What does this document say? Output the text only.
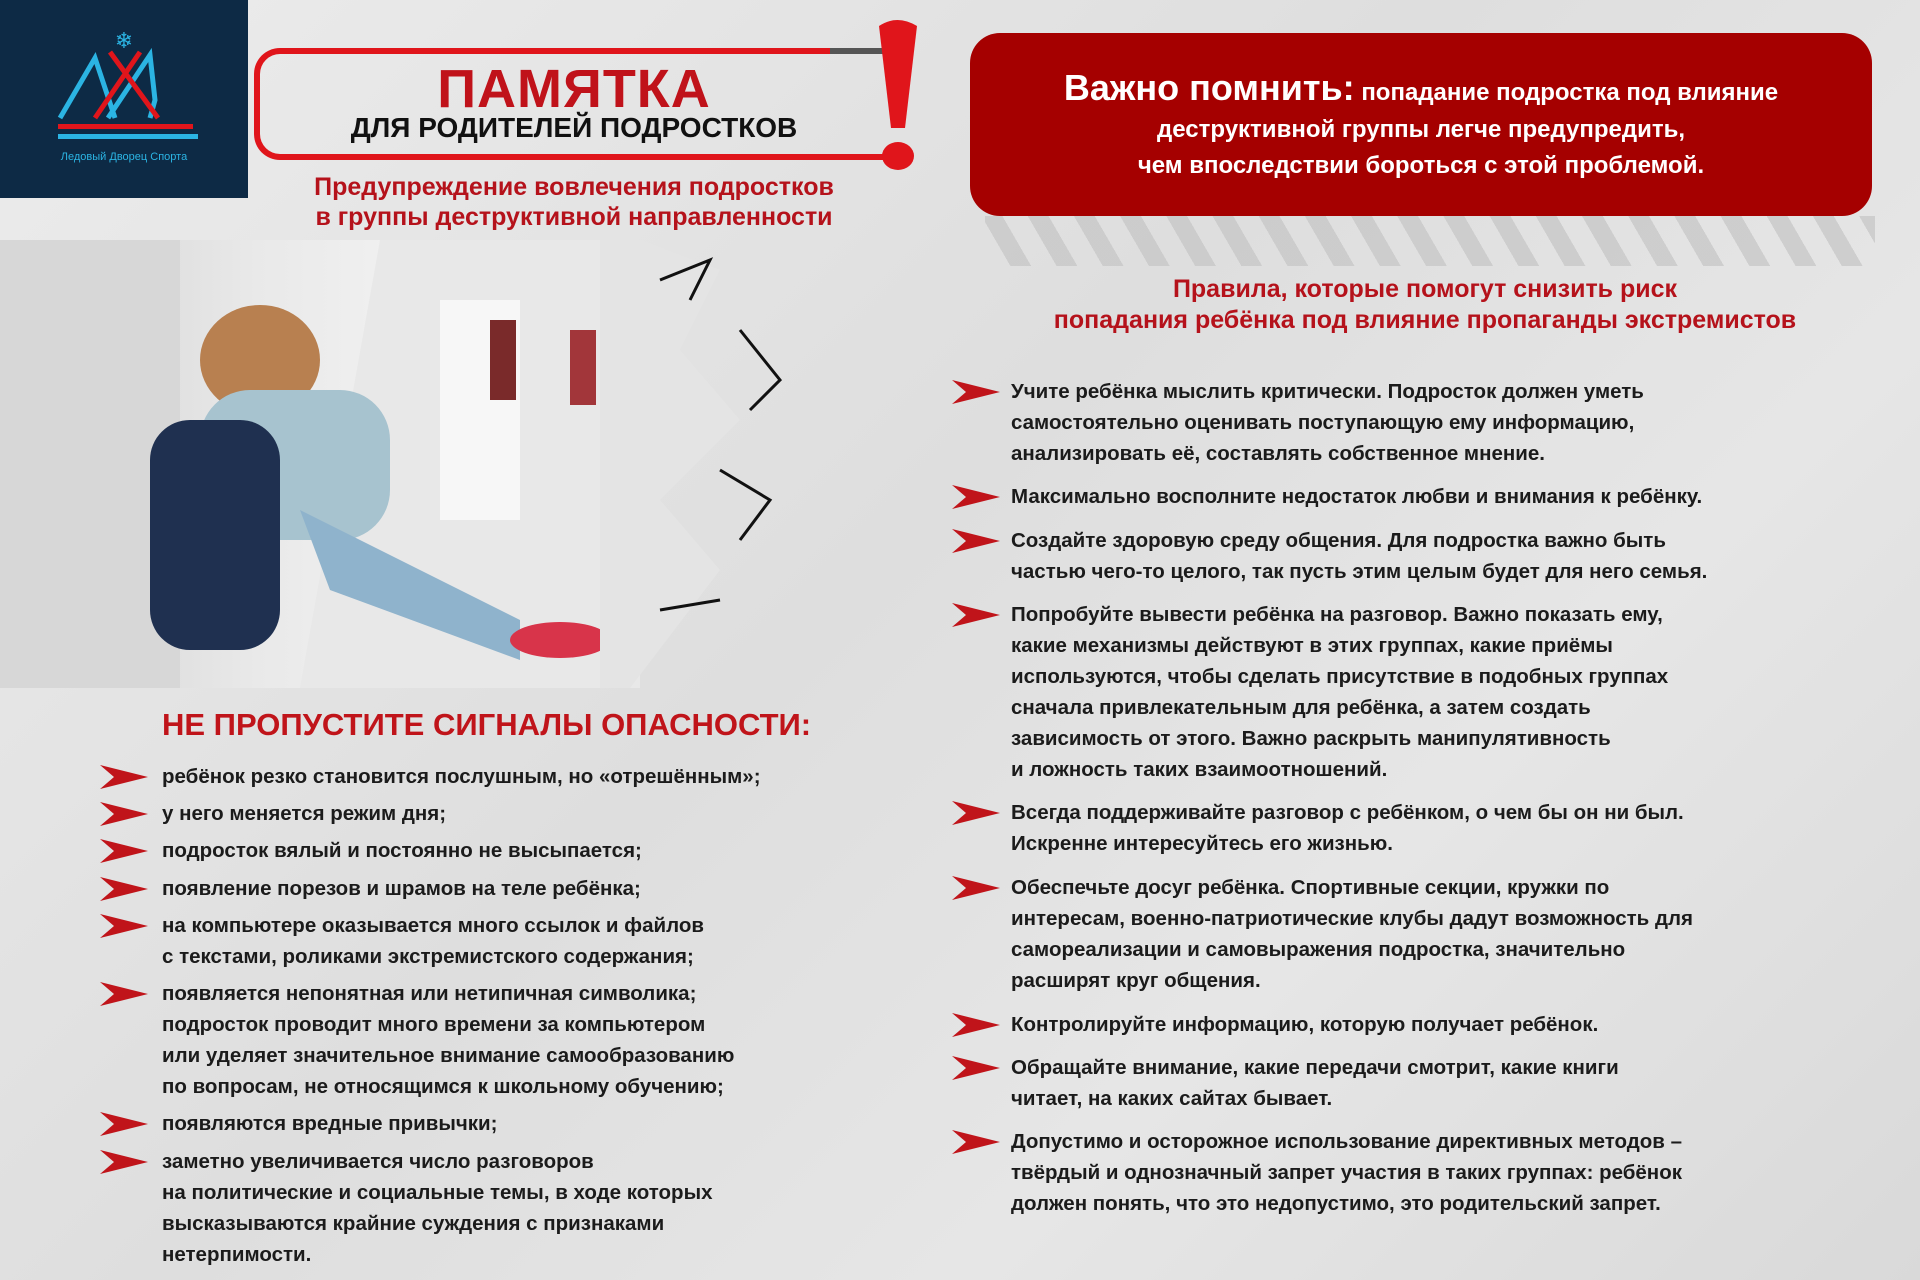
❄
Ледовый Дворец Спорта
ПАМЯТКА
ДЛЯ РОДИТЕЛЕЙ ПОДРОСТКОВ
Предупреждение вовлечения подростков
в группы деструктивной направленности
Важно помнить: попадание подростка под влияние
деструктивной группы легче предупредить,
чем впоследствии бороться с этой проблемой.
Правила, которые помогут снизить риск
попадания ребёнка под влияние пропаганды экстремистов
НЕ ПРОПУСТИТЕ СИГНАЛЫ ОПАСНОСТИ:
ребёнок резко становится послушным, но «отрешённым»;
у него меняется режим дня;
подросток вялый и постоянно не высыпается;
появление порезов и шрамов на теле ребёнка;
на компьютере оказывается много ссылок и файлов
с текстами, роликами экстремистского содержания;
появляется непонятная или нетипичная символика;
подросток проводит много времени за компьютером
или уделяет значительное внимание самообразованию
по вопросам, не относящимся к школьному обучению;
появляются вредные привычки;
заметно увеличивается число разговоров
на политические и социальные темы, в ходе которых
высказываются крайние суждения с признаками
нетерпимости.
Учите ребёнка мыслить критически. Подросток должен уметь
самостоятельно оценивать поступающую ему информацию,
анализировать её, составлять собственное мнение.
Максимально восполните недостаток любви и внимания к ребёнку.
Создайте здоровую среду общения. Для подростка важно быть
частью чего-то целого, так пусть этим целым будет для него семья.
Попробуйте вывести ребёнка на разговор. Важно показать ему,
какие механизмы действуют в этих группах, какие приёмы
используются, чтобы сделать присутствие в подобных группах
сначала привлекательным для ребёнка, а затем создать
зависимость от этого. Важно раскрыть манипулятивность
и ложность таких взаимоотношений.
Всегда поддерживайте разговор с ребёнком, о чем бы он ни был.
Искренне интересуйтесь его жизнью.
Обеспечьте досуг ребёнка. Спортивные секции, кружки по
интересам, военно-патриотические клубы дадут возможность для
самореализации и самовыражения подростка, значительно
расширят круг общения.
Контролируйте информацию, которую получает ребёнок.
Обращайте внимание, какие передачи смотрит, какие книги
читает, на каких сайтах бывает.
Допустимо и осторожное использование директивных методов –
твёрдый и однозначный запрет участия в таких группах: ребёнок
должен понять, что это недопустимо, это родительский запрет.
